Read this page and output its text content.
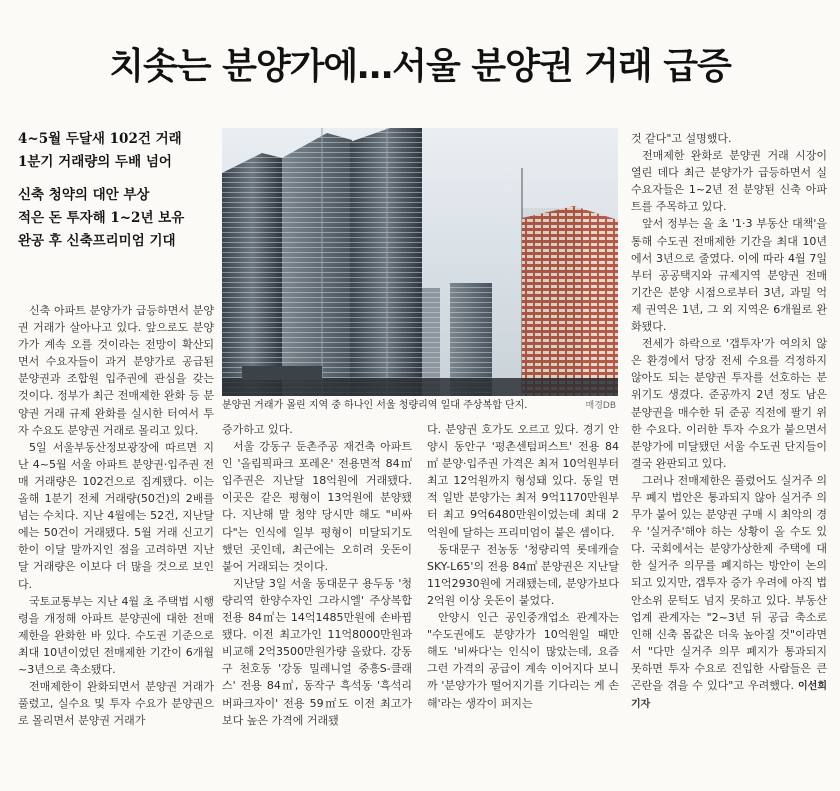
치솟는 분양가에…서울 분양권 거래 급증
4~5월 두달새 102건 거래
1분기 거래량의 두배 넘어
신축 청약의 대안 부상
적은 돈 투자해 1~2년 보유
완공 후 신축프리미엄 기대
분양권 거래가 몰린 지역 중 하나인 서울 청량리역 일대 주상복합 단지.	매경DB

신축 아파트 분양가가 급등하면서 분양권 거래가 살아나고 있다. 앞으로도 분양가가 계속 오를 것이라는 전망이 확산되면서 수요자들이 과거 분양가로 공급된 분양권과 조합원 입주권에 관심을 갖는 것이다. 정부가 최근 전매제한 완화 등 분양권 거래 규제 완화를 실시한 터여서 투자 수요도 분양권 거래로 몰리고 있다.

5일 서울부동산정보광장에 따르면 지난 4~5월 서울 아파트 분양권·입주권 전매 거래량은 102건으로 집계됐다. 이는 올해 1분기 전체 거래량(50건)의 2배를 넘는 수치다. 지난 4월에는 52건, 지난달에는 50건이 거래됐다. 5월 거래 신고기한이 이달 말까지인 점을 고려하면 지난달 거래량은 이보다 더 많을 것으로 보인다.

국토교통부는 지난 4월 초 주택법 시행령을 개정해 아파트 분양권에 대한 전매제한을 완화한 바 있다. 수도권 기준으로 최대 10년이었던 전매제한 기간이 6개월~3년으로 축소됐다.

전매제한이 완화되면서 분양권 거래가 풀렸고, 실수요 및 투자 수요가 분양권으로 몰리면서 분양권 거래가

증가하고 있다.

서울 강동구 둔촌주공 재건축 아파트인 '올림픽파크 포레온' 전용면적 84㎡ 입주권은 지난달 18억원에 거래됐다. 이곳은 같은 평형이 13억원에 분양됐다. 지난해 말 청약 당시만 해도 "비싸다"는 인식에 일부 평형이 미달되기도 했던 곳인데, 최근에는 오히려 웃돈이 붙어 거래되는 것이다.

지난달 3일 서울 동대문구 용두동 '청량리역 한양수자인 그라시엘' 주상복합 전용 84㎡는 14억1485만원에 손바뀜됐다. 이전 최고가인 11억8000만원과 비교해 2억3500만원가량 올랐다. 강동구 천호동 '강동 밀레니얼 중흥S-클래스' 전용 84㎡, 동작구 흑석동 '흑석리버파크자이' 전용 59㎡도 이전 최고가보다 높은 가격에 거래됐

다. 분양권 호가도 오르고 있다. 경기 안양시 동안구 '평촌센텀퍼스트' 전용 84㎡ 분양·입주권 가격은 최저 10억원부터 최고 12억원까지 형성돼 있다. 동일 면적 일반 분양가는 최저 9억1170만원부터 최고 9억6480만원이었는데 최대 2억원에 달하는 프리미엄이 붙은 셈이다.

동대문구 전농동 '청량리역 롯데캐슬 SKY-L65'의 전용 84㎡ 분양권은 지난달 11억2930원에 거래됐는데, 분양가보다 2억원 이상 웃돈이 붙었다.

안양시 인근 공인중개업소 관계자는 "수도권에도 분양가가 10억원일 때만 해도 '비싸다'는 인식이 많았는데, 요즘 그런 가격의 공급이 계속 이어지다 보니까 '분양가가 떨어지기를 기다리는 게 손해'라는 생각이 퍼지는

것 같다"고 설명했다.

전매제한 완화로 분양권 거래 시장이 열린 데다 최근 분양가가 급등하면서 실수요자들은 1~2년 전 분양된 신축 아파트를 주목하고 있다.

앞서 정부는 올 초 '1·3 부동산 대책'을 통해 수도권 전매제한 기간을 최대 10년에서 3년으로 줄였다. 이에 따라 4월 7일부터 공공택지와 규제지역 분양권 전매 기간은 분양 시점으로부터 3년, 과밀 억제 권역은 1년, 그 외 지역은 6개월로 완화됐다.

전세가 하락으로 '갭투자'가 여의치 않은 환경에서 당장 전세 수요를 걱정하지 않아도 되는 분양권 투자를 선호하는 분위기도 생겼다. 준공까지 2년 정도 남은 분양권을 매수한 뒤 준공 직전에 팔기 위한 수요다. 이러한 투자 수요가 붙으면서 분양가에 미달됐던 서울 수도권 단지들이 결국 완판되고 있다.

그러나 전매제한은 풀렸어도 실거주 의무 폐지 법안은 통과되지 않아 실거주 의무가 붙어 있는 분양권 구매 시 최악의 경우 '실거주'해야 하는 상황이 올 수도 있다. 국회에서는 분양가상한제 주택에 대한 실거주 의무를 폐지하는 방안이 논의되고 있지만, 갭투자 증가 우려에 아직 법안소위 문턱도 넘지 못하고 있다. 부동산 업계 관계자는 "2~3년 뒤 공급 축소로 인해 신축 몸값은 더욱 높아질 것"이라면서 "다만 실거주 의무 폐지가 통과되지 못하면 투자 수요로 진입한 사람들은 큰 곤란을 겪을 수 있다"고 우려했다. 이선희 기자
